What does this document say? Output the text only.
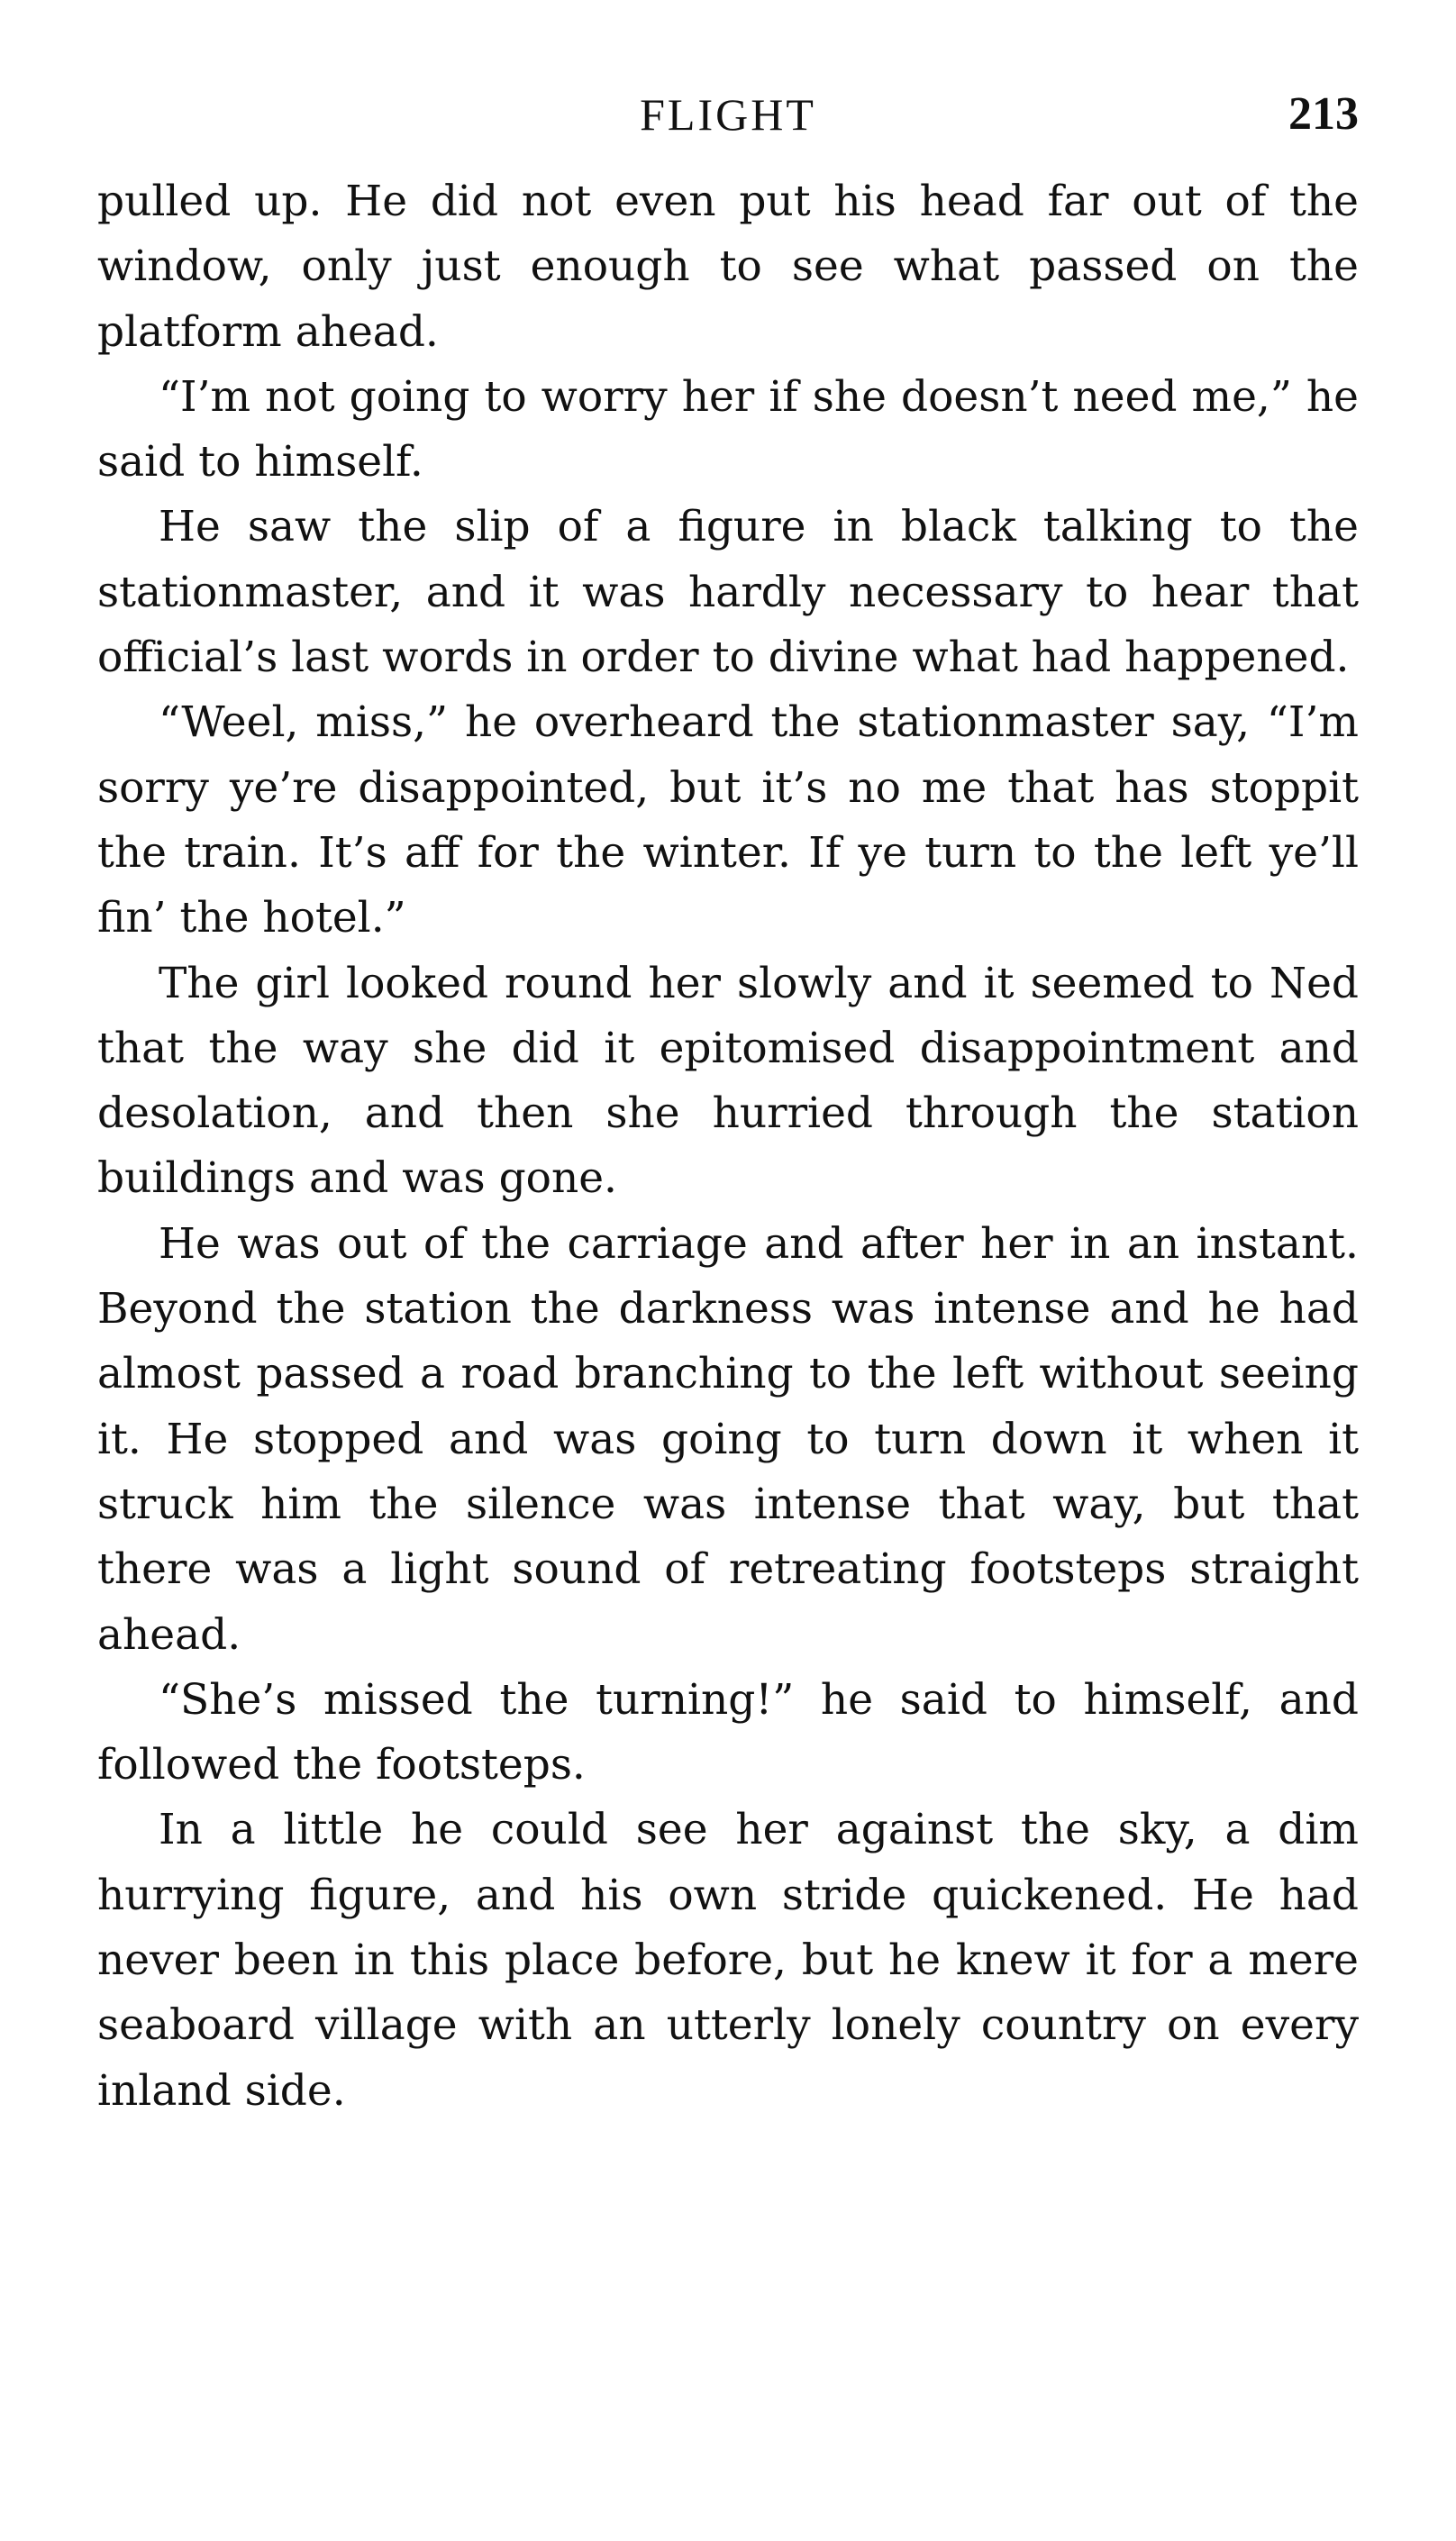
FLIGHT	213

pulled up. He did not even put his head far out of the window, only just enough to see what passed on the platform ahead.

“I’m not going to worry her if she doesn’t need me,” he said to himself.

He saw the slip of a figure in black talking to the stationmaster, and it was hardly necessary to hear that official’s last words in order to divine what had happened.

“Weel, miss,” he overheard the stationmaster say, “I’m sorry ye’re disappointed, but it’s no me that has stoppit the train. It’s aff for the winter. If ye turn to the left ye’ll fin’ the hotel.”

The girl looked round her slowly and it seemed to Ned that the way she did it epitomised disappointment and desolation, and then she hurried through the station buildings and was gone.

He was out of the carriage and after her in an instant. Beyond the station the darkness was intense and he had almost passed a road branching to the left without seeing it. He stopped and was going to turn down it when it struck him the silence was intense that way, but that there was a light sound of retreating footsteps straight ahead.

“She’s missed the turning!” he said to himself, and followed the footsteps.

In a little he could see her against the sky, a dim hurrying figure, and his own stride quickened. He had never been in this place before, but he knew it for a mere seaboard village with an utterly lonely country on every inland side.
